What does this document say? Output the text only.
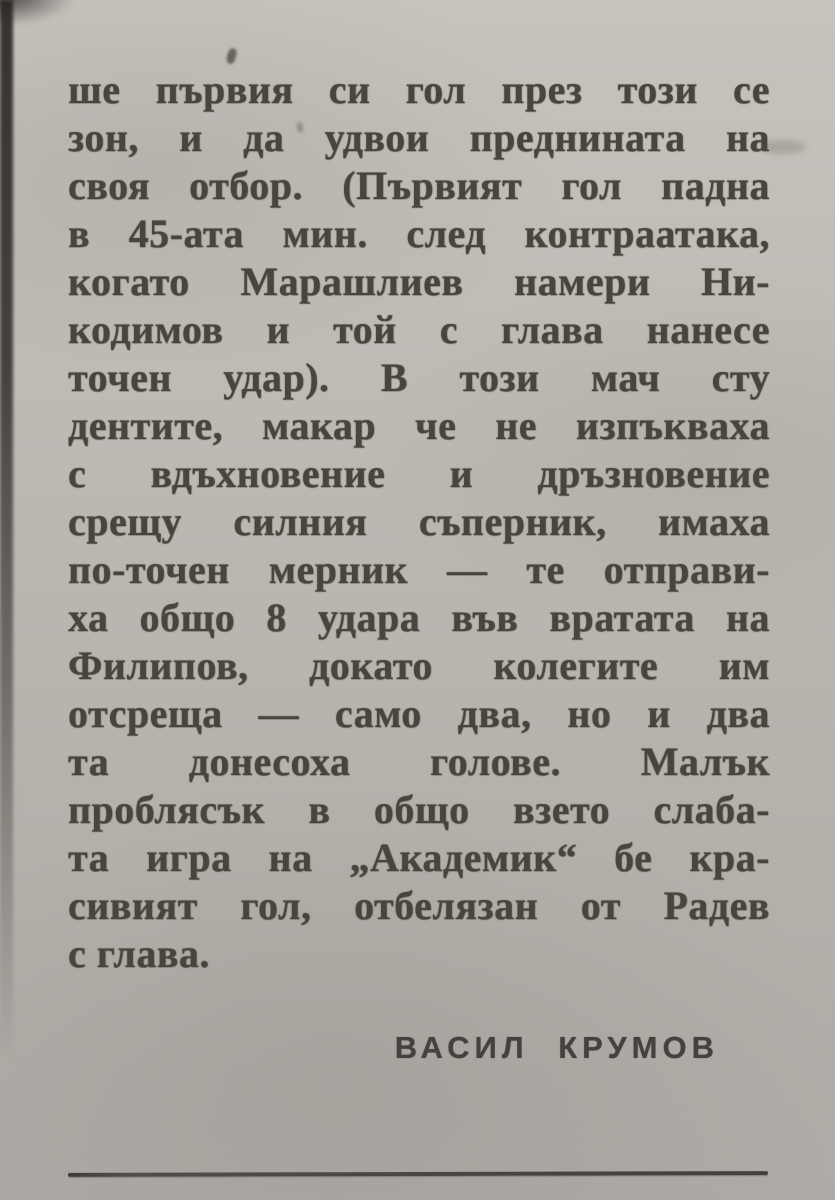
ше първия си гол през този се
зон, и да удвои преднината на
своя отбор. (Първият гол падна
в 45-ата мин. след контраатака,
когато Марашлиев намери Ни-
кодимов и той с глава нанесе
точен удар). В този мач сту
дентите, макар че не изпъкваха
с вдъхновение и дръзновение
срещу силния съперник, имаха
по-точен мерник — те отправи-
ха общо 8 удара във вратата на
Филипов, докато колегите им
отсреща — само два, но и два
та донесоха голове. Малък
проблясък в общо взето слаба-
та игра на „Академик“ бе кра-
сивият гол, отбелязан от Радев
с глава.
ВАСИЛ КРУМОВ
